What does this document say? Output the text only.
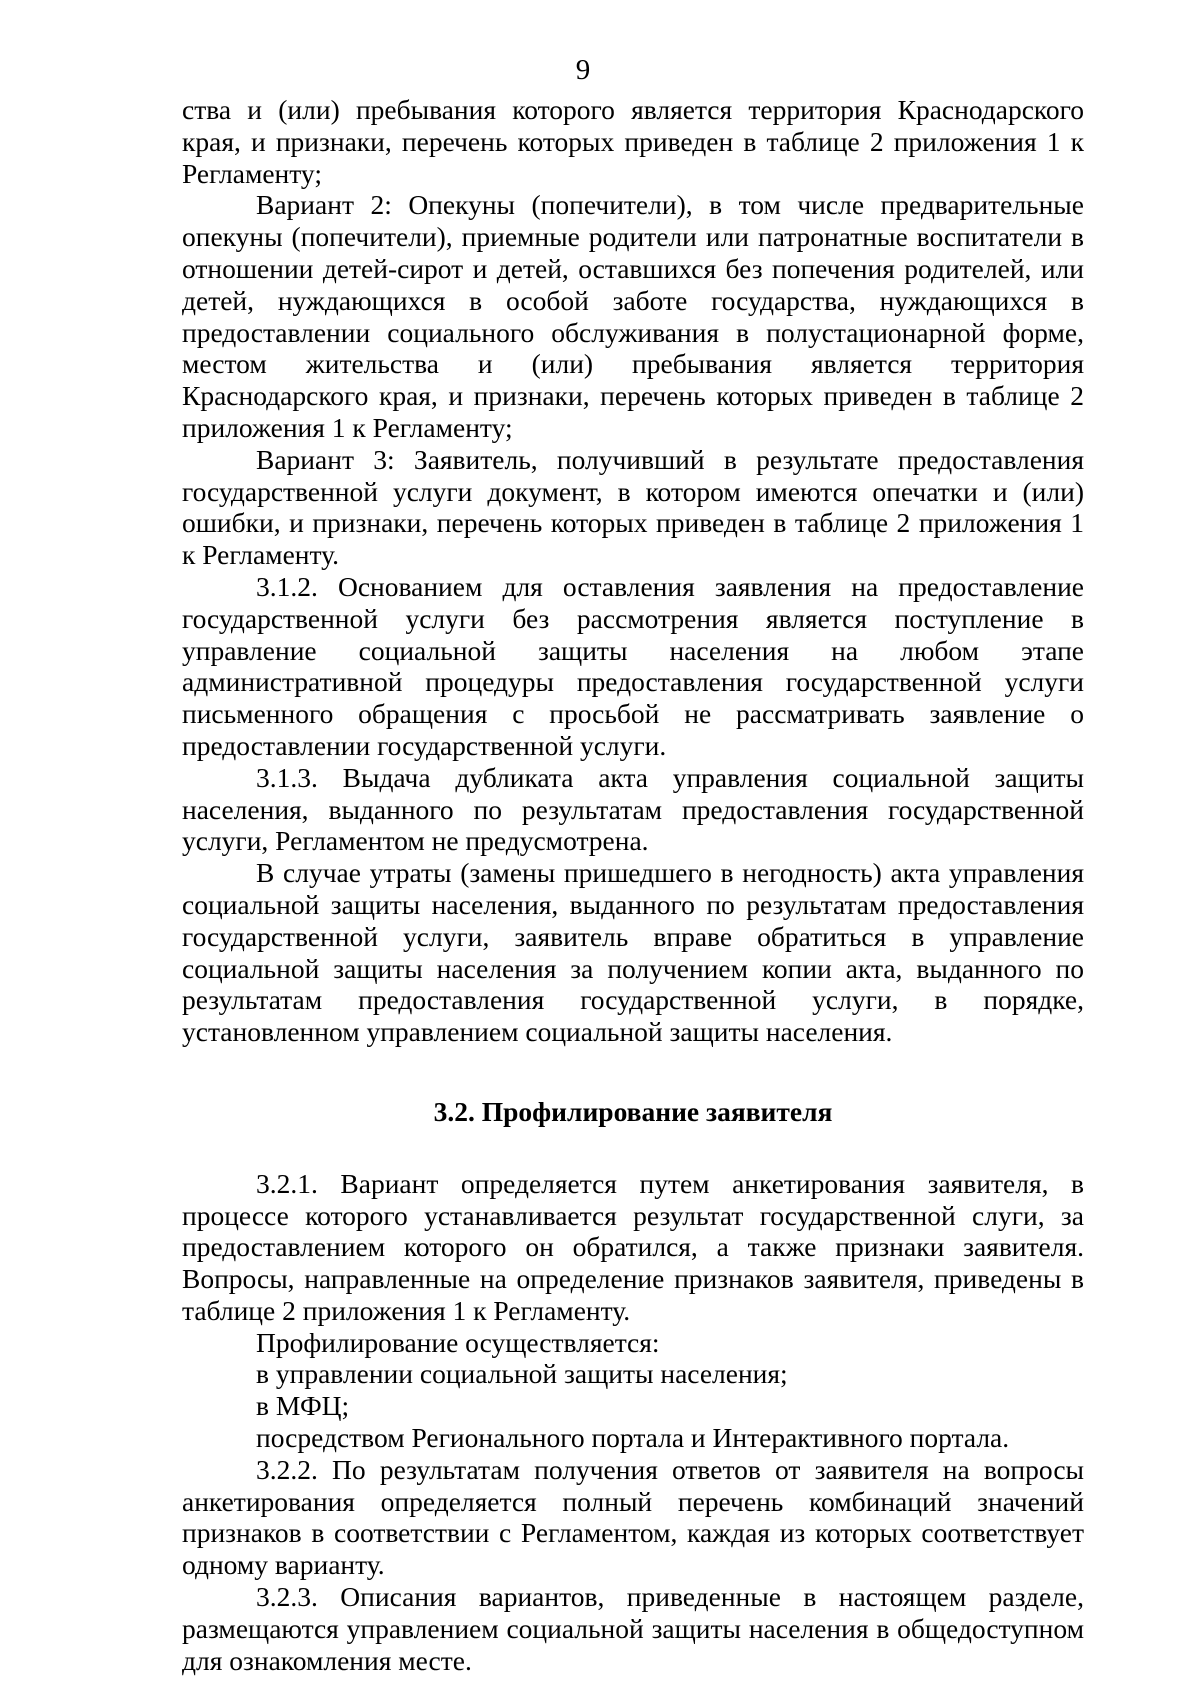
9

ства и (или) пребывания которого является территория Краснодарского края, и признаки, перечень которых приведен в таблице 2 приложения 1 к Регламенту;

Вариант 2: Опекуны (попечители), в том числе предварительные опекуны (попечители), приемные родители или патронатные воспитатели в отношении детей-сирот и детей, оставшихся без попечения родителей, или детей, нуждающихся в особой заботе государства, нуждающихся в предоставлении социального обслуживания в полустационарной форме, местом жительства и (или) пребывания является территория Краснодарского края, и признаки, перечень которых приведен в таблице 2 приложения 1 к Регламенту;

Вариант 3: Заявитель, получивший в результате предоставления государственной услуги документ, в котором имеются опечатки и (или) ошибки, и признаки, перечень которых приведен в таблице 2 приложения 1 к Регламенту.

3.1.2. Основанием для оставления заявления на предоставление государственной услуги без рассмотрения является поступление в управление социальной защиты населения на любом этапе административной процедуры предоставления государственной услуги письменного обращения с просьбой не рассматривать заявление о предоставлении государственной услуги.

3.1.3. Выдача дубликата акта управления социальной защиты населения, выданного по результатам предоставления государственной услуги, Регламентом не предусмотрена.

В случае утраты (замены пришедшего в негодность) акта управления социальной защиты населения, выданного по результатам предоставления государственной услуги, заявитель вправе обратиться в управление социальной защиты населения за получением копии акта, выданного по результатам предоставления государственной услуги, в порядке, установленном управлением социальной защиты населения.

3.2. Профилирование заявителя

3.2.1. Вариант определяется путем анкетирования заявителя, в процессе которого устанавливается результат государственной слуги, за предоставлением которого он обратился, а также признаки заявителя. Вопросы, направленные на определение признаков заявителя, приведены в таблице 2 приложения 1 к Регламенту.

Профилирование осуществляется:

в управлении социальной защиты населения;

в МФЦ;

посредством Регионального портала и Интерактивного портала.

3.2.2. По результатам получения ответов от заявителя на вопросы анкетирования определяется полный перечень комбинаций значений признаков в соответствии с Регламентом, каждая из которых соответствует одному варианту.

3.2.3. Описания вариантов, приведенные в настоящем разделе, размещаются управлением социальной защиты населения в общедоступном для ознакомления месте.
